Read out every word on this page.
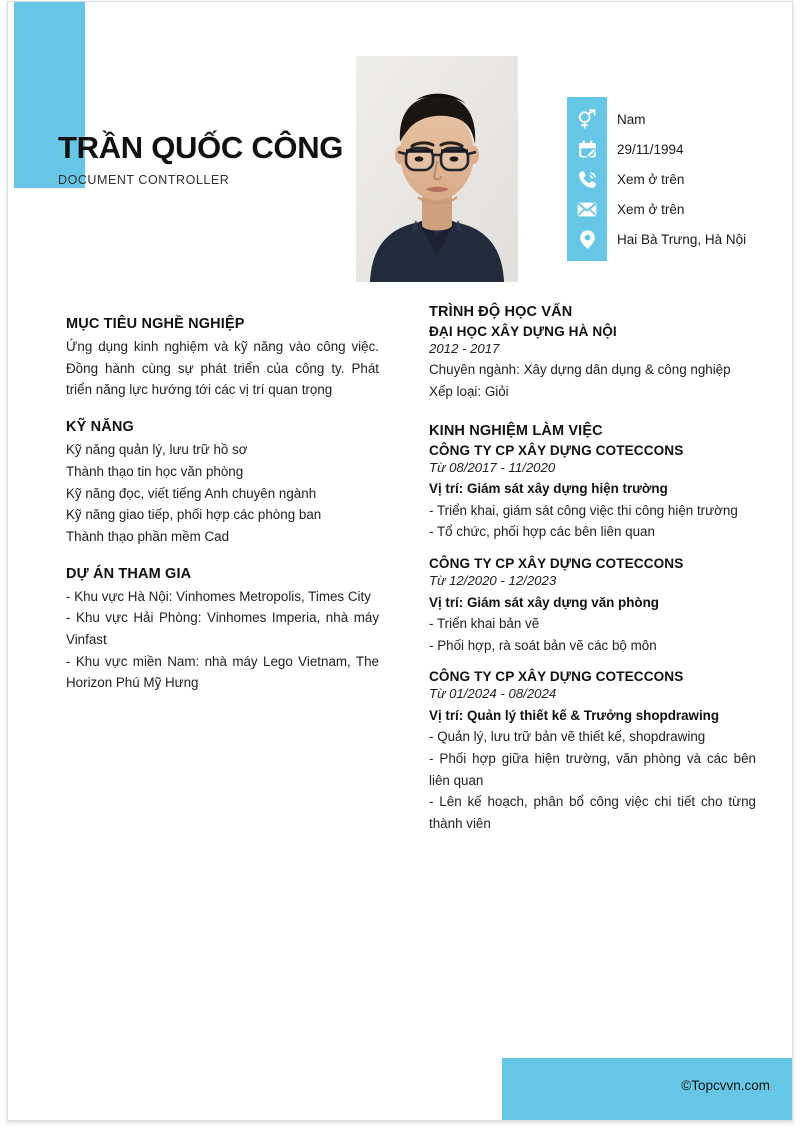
TRẦN QUỐC CÔNG
DOCUMENT CONTROLLER
Nam
29/11/1994
Xem ở trên
Xem ở trên
Hai Bà Trưng, Hà Nội
MỤC TIÊU NGHỀ NGHIỆP

Ứng dụng kinh nghiệm và kỹ năng vào công việc. Đồng hành cùng sự phát triển của công ty. Phát triển năng lực hướng tới các vị trí quan trọng

KỸ NĂNG
Kỹ năng quản lý, lưu trữ hồ sơ
Thành thạo tin học văn phòng
Kỹ năng đọc, viết tiếng Anh chuyên ngành
Kỹ năng giao tiếp, phối hợp các phòng ban
Thành thạo phần mềm Cad
DỰ ÁN THAM GIA

- Khu vực Hà Nội: Vinhomes Metropolis, Times City

- Khu vực Hải Phòng: Vinhomes Imperia, nhà máy Vinfast

- Khu vực miền Nam: nhà máy Lego Vietnam, The Horizon Phú Mỹ Hưng

TRÌNH ĐỘ HỌC VẤN
ĐẠI HỌC XÂY DỰNG HÀ NỘI
2012 - 2017

Chuyên ngành: Xây dựng dân dụng & công nghiệp

Xếp loại: Giỏi

KINH NGHIỆM LÀM VIỆC
CÔNG TY CP XÂY DỰNG COTECCONS
Từ 08/2017 - 11/2020

Vị trí: Giám sát xây dựng hiện trường

- Triển khai, giám sát công việc thi công hiện trường

- Tổ chức, phối hợp các bên liên quan

CÔNG TY CP XÂY DỰNG COTECCONS
Từ 12/2020 - 12/2023

Vị trí: Giám sát xây dựng văn phòng

- Triển khai bản vẽ

- Phối hợp, rà soát bản vẽ các bộ môn

CÔNG TY CP XÂY DỰNG COTECCONS
Từ 01/2024 - 08/2024

Vị trí: Quản lý thiết kế & Trưởng shopdrawing

- Quản lý, lưu trữ bản vẽ thiết kế, shopdrawing

- Phối hợp giữa hiện trường, văn phòng và các bên liên quan

- Lên kế hoạch, phân bổ công việc chi tiết cho từng thành viên

©Topcvvn.com
